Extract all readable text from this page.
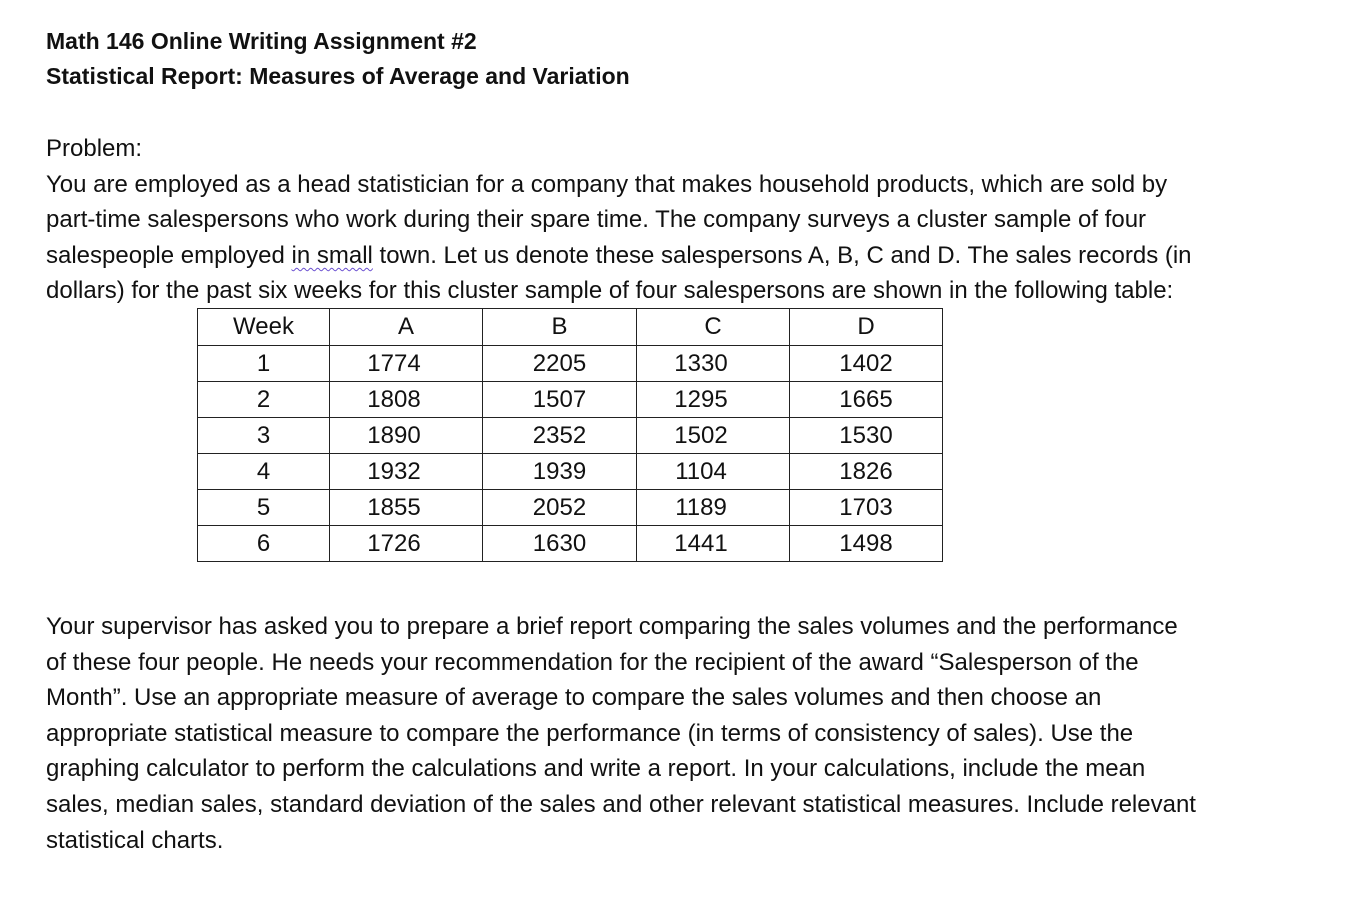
Math 146 Online Writing Assignment #2

Statistical Report: Measures of Average and Variation

Problem:
You are employed as a head statistician for a company that makes household products, which are sold by
part-time salespersons who work during their spare time. The company surveys a cluster sample of four
salespeople employed in small town. Let us denote these salespersons A, B, C and D. The sales records (in
dollars) for the past six weeks for this cluster sample of four salespersons are shown in the following table:
Week	A	B	C	D
1	1774	2205	1330	1402
2	1808	1507	1295	1665
3	1890	2352	1502	1530
4	1932	1939	1104	1826
5	1855	2052	1189	1703
6	1726	1630	1441	1498
Your supervisor has asked you to prepare a brief report comparing the sales volumes and the performance
of these four people. He needs your recommendation for the recipient of the award “Salesperson of the
Month”. Use an appropriate measure of average to compare the sales volumes and then choose an
appropriate statistical measure to compare the performance (in terms of consistency of sales). Use the
graphing calculator to perform the calculations and write a report. In your calculations, include the mean
sales, median sales, standard deviation of the sales and other relevant statistical measures. Include relevant
statistical charts.
